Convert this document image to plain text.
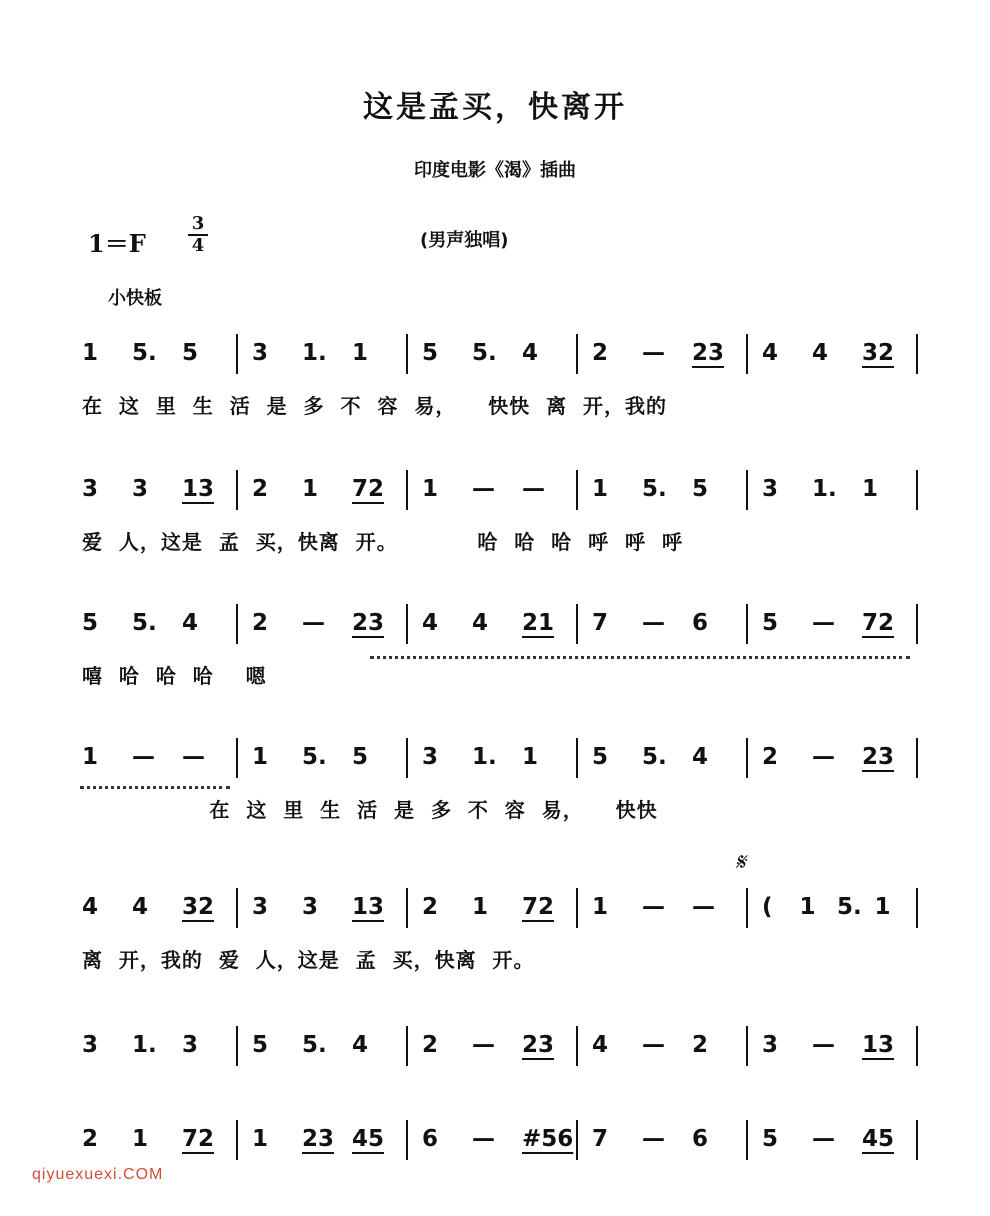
这是孟买，快离开
印度电影《渴》插曲
1＝F
3
4	(男声独唱)
小快板
𝄋
1 5. 5 3 1. 1 5 5. 4 2 — 23 4 4 32
在  这  里  生  活  是  多  不  容  易，    快快  离  开，我的
3 3 13 2 1 72 1 — — 1 5. 5 3 1. 1
爱  人，这是  孟  买，快离  开。          哈  哈  哈  呼  呼  呼
5 5. 4 2 — 23 4 4 21 7 — 6 5 — 72
嘻  哈  哈  哈    嗯
1 — — 1 5. 5 3 1. 1 5 5. 4 2 — 23
在  这  里  生  活  是  多  不  容  易，    快快
4 4 32 3 3 13 2 1 72 1 — — ( 1 5. 1
离  开，我的  爱  人，这是  孟  买，快离  开。
3 1. 3 5 5. 4 2 — 23 4 — 2 3 — 13
2 1 72 1 23 45 6 — #56 7 — 6 5 — 45
qiyuexuexi.COM
